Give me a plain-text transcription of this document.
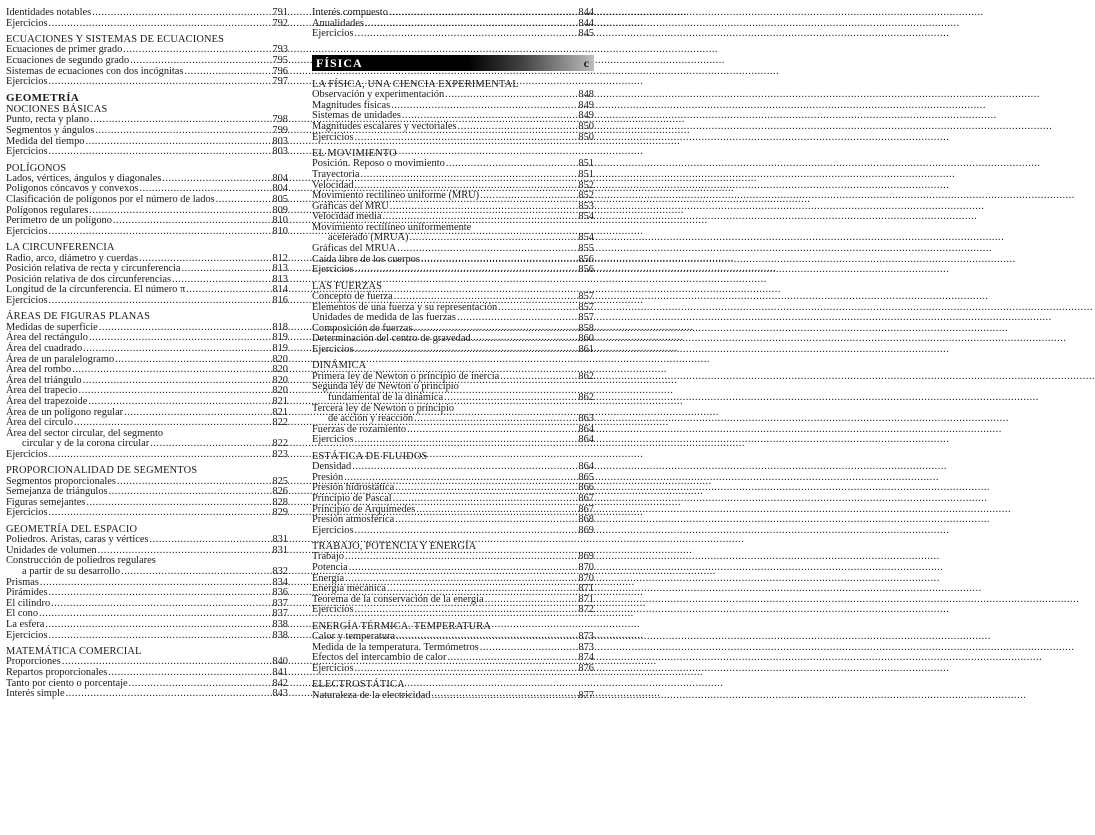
Identidades notables .....	791
Ejercicios .....	792
ECUACIONES Y SISTEMAS DE ECUACIONES
Ecuaciones de primer grado .....	793
Ecuaciones de segundo grado .....	795
Sistemas de ecuaciones con dos incógnitas .....	796
Ejercicios .....	797
GEOMETRÍA
NOCIONES BÁSICAS
Punto, recta y plano .....	798
Segmentos y ángulos .....	799
Medida del tiempo .....	803
Ejercicios .....	803
POLÍGONOS
Lados, vértices, ángulos y diagonales .....	804
Polígonos cóncavos y convexos .....	804
Clasificación de polígonos por el número de lados .....	805
Polígonos regulares .....	809
Perímetro de un polígono .....	810
Ejercicios .....	810
LA CIRCUNFERENCIA
Radio, arco, diámetro y cuerdas .....	812
Posición relativa de recta y circunferencia .....	813
Posición relativa de dos circunferencias .....	813
Longitud de la circunferencia. El número π .....	814
Ejercicios .....	816
ÁREAS DE FIGURAS PLANAS
Medidas de superficie .....	818
Área del rectángulo .....	819
Área del cuadrado .....	819
Área de un paralelogramo .....	820
Área del rombo .....	820
Área del triángulo .....	820
Área del trapecio .....	820
Área del trapezoide .....	821
Área de un polígono regular .....	821
Área del círculo .....	822
Área del sector circular, del segmento
circular y de la corona circular .....	822
Ejercicios .....	823
PROPORCIONALIDAD DE SEGMENTOS
Segmentos proporcionales .....	825
Semejanza de triángulos .....	826
Figuras semejantes .....	828
Ejercicios .....	829
GEOMETRÍA DEL ESPACIO
Poliedros. Aristas, caras y vértices .....	831
Unidades de volumen .....	831
Construcción de poliedros regulares
a partir de su desarrollo .....	832
Prismas .....	834
Pirámides .....	836
El cilindro .....	837
El cono .....	837
La esfera .....	838
Ejercicios .....	838
MATEMÁTICA COMERCIAL
Proporciones .....	840
Repartos proporcionales .....	841
Tanto por ciento o porcentaje .....	842
Interés simple .....	843
Interés compuesto .....	844
Anualidades .....	844
Ejercicios .....	845
FÍSICA	c
LA FÍSICA, UNA CIENCIA EXPERIMENTAL
Observación y experimentación .....	848
Magnitudes físicas .....	849
Sistemas de unidades .....	849
Magnitudes escalares y vectoriales .....	850
Ejercicios .....	850
EL MOVIMIENTO
Posición. Reposo o movimiento .....	851
Trayectoria .....	851
Velocidad .....	852
Movimiento rectilíneo uniforme (MRU) .....	852
Gráficas del MRU .....	853
Velocidad media .....	854
Movimiento rectilíneo uniformemente
acelerado (MRUA) .....	854
Gráficas del MRUA .....	855
Caída libre de los cuerpos .....	856
Ejercicios .....	856
LAS FUERZAS
Concepto de fuerza .....	857
Elementos de una fuerza y su representación .....	857
Unidades de medida de las fuerzas .....	857
Composición de fuerzas .....	858
Determinación del centro de gravedad .....	860
Ejercicios .....	861
DINÁMICA
Primera ley de Newton o principio de inercia .....	862
Segunda ley de Newton o principio
fundamental de la dinámica .....	862
Tercera ley de Newton o principio
de acción y reacción .....	863
Fuerzas de rozamiento .....	864
Ejercicios .....	864
ESTÁTICA DE FLUIDOS
Densidad .....	864
Presión .....	865
Presión hidrostática .....	866
Principio de Pascal .....	867
Principio de Arquímedes .....	867
Presión atmosférica .....	868
Ejercicios .....	869
TRABAJO, POTENCIA Y ENERGÍA
Trabajo .....	869
Potencia .....	870
Energía .....	870
Energía mecánica .....	871
Teorema de la conservación de la energía .....	871
Ejercicios .....	872
ENERGÍA TÉRMICA. TEMPERATURA
Calor y temperatura .....	873
Medida de la temperatura. Termómetros .....	873
Efectos del intercambio de calor .....	874
Ejercicios .....	876
ELECTROSTÁTICA
Naturaleza de la electricidad .....	877
